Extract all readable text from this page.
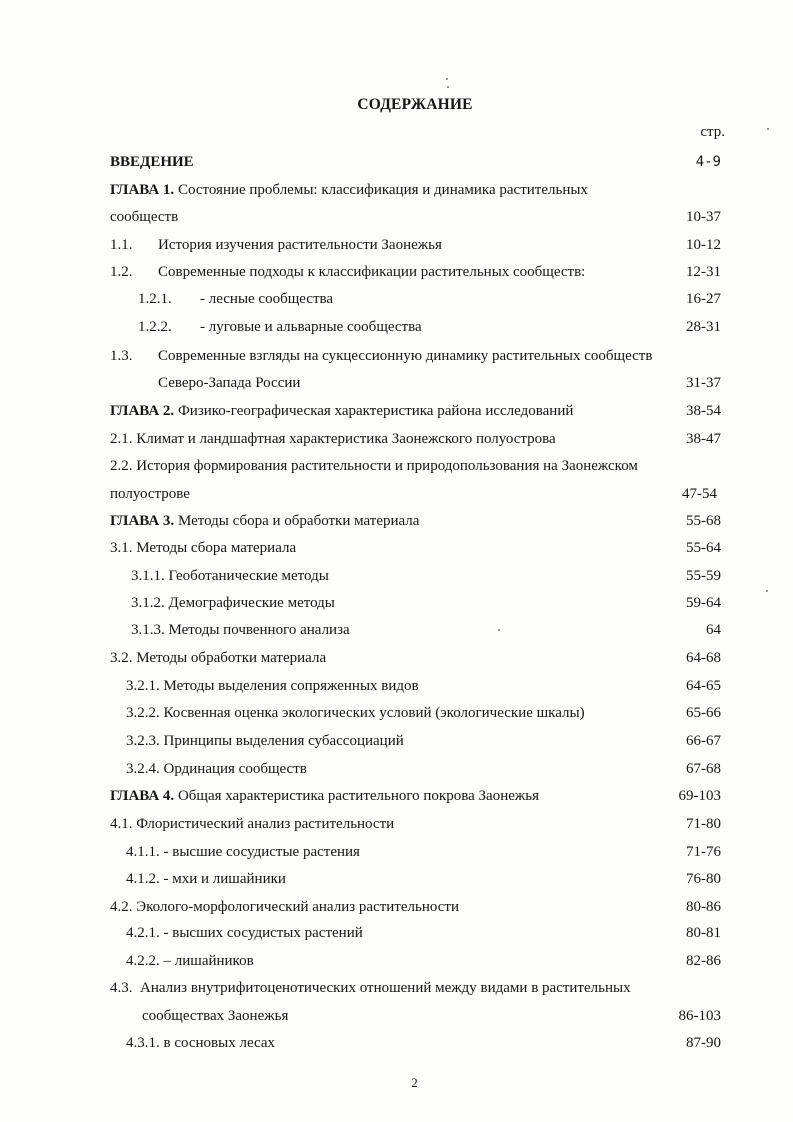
СОДЕРЖАНИЕ
стр.
ВВЕДЕНИЕ	4-9
ГЛАВА 1. Состояние проблемы: классификация и динамика растительных
сообществ	10-37
1.1. История изучения растительности Заонежья	10-12
1.2. Современные подходы к классификации растительных сообществ:	12-31
1.2.1. - лесные сообщества	16-27
1.2.2. - луговые и альварные сообщества	28-31
1.3. Современные взгляды на сукцессионную динамику растительных сообществ
Северо-Запада России	31-37
ГЛАВА 2. Физико-географическая характеристика района исследований	38-54
2.1. Климат и ландшафтная характеристика Заонежского полуострова	38-47
2.2. История формирования растительности и природопользования на Заонежском
полуострове	47-54
ГЛАВА 3. Методы сбора и обработки материала	55-68
3.1. Методы сбора материала	55-64
3.1.1. Геоботанические методы	55-59
3.1.2. Демографические методы	59-64
3.1.3. Методы почвенного анализа	64
3.2. Методы обработки материала	64-68
3.2.1. Методы выделения сопряженных видов	64-65
3.2.2. Косвенная оценка экологических условий (экологические шкалы)	65-66
3.2.3. Принципы выделения субассоциаций	66-67
3.2.4. Ординация сообществ	67-68
ГЛАВА 4. Общая характеристика растительного покрова Заонежья	69-103
4.1. Флористический анализ растительности	71-80
4.1.1. - высшие сосудистые растения	71-76
4.1.2. - мхи и лишайники	76-80
4.2. Эколого-морфологический анализ растительности	80-86
4.2.1. - высших сосудистых растений	80-81
4.2.2. – лишайников	82-86
4.3.  Анализ внутрифитоценотических отношений между видами в растительных
сообществах Заонежья	86-103
4.3.1. в сосновых лесах	87-90
2
